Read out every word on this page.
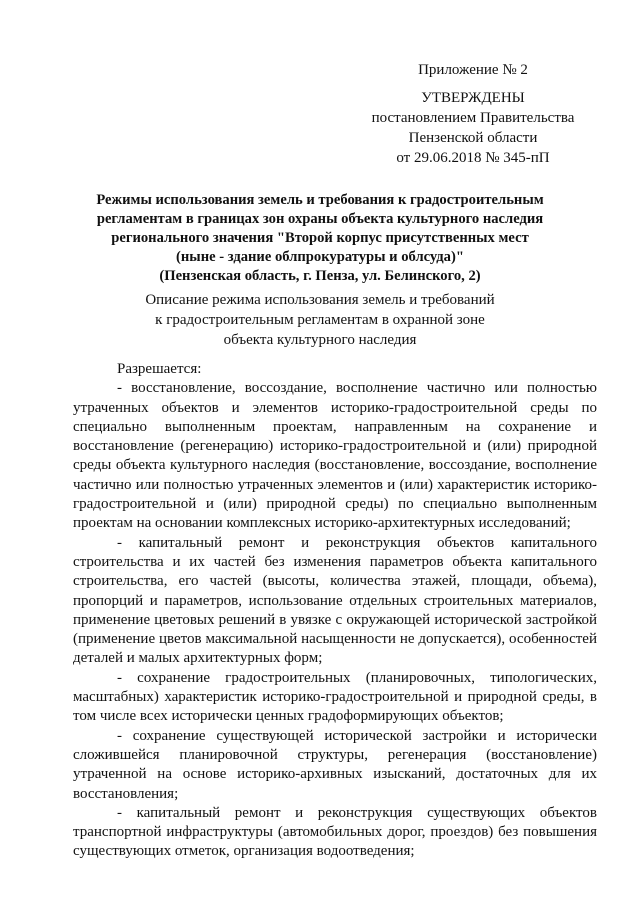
Приложение № 2
УТВЕРЖДЕНЫ
постановлением Правительства
Пензенской области
от 29.06.2018 № 345-пП
Режимы использования земель и требования к градостроительным
регламентам в границах зон охраны объекта культурного наследия
регионального значения "Второй корпус присутственных мест
(ныне - здание облпрокуратуры и облсуда)"
(Пензенская область, г. Пенза, ул. Белинского, 2)
Описание режима использования земель и требований
к градостроительным регламентам в охранной зоне
объекта культурного наследия

Разрешается:

- восстановление, воссоздание, восполнение частично или полностью утраченных объектов и элементов историко-градостроительной среды по специально выполненным проектам, направленным на сохранение и восстановление (регенерацию) историко-градостроительной и (или) природной среды объекта культурного наследия (восстановление, воссоздание, восполнение частично или полностью утраченных элементов и (или) характеристик историко-градостроительной и (или) природной среды) по специально выполненным проектам на основании комплексных историко-архитектурных исследований;

- капитальный ремонт и реконструкция объектов капитального строительства и их частей без изменения параметров объекта капитального строительства, его частей (высоты, количества этажей, площади, объема), пропорций и параметров, использование отдельных строительных материалов, применение цветовых решений в увязке с окружающей исторической застройкой (применение цветов максимальной насыщенности не допускается), особенностей деталей и малых архитектурных форм;

- сохранение градостроительных (планировочных, типологических, масштабных) характеристик историко-градостроительной и природной среды, в том числе всех исторически ценных градоформирующих объектов;

- сохранение существующей исторической застройки и исторически сложившейся планировочной структуры, регенерация (восстановление) утраченной на основе историко-архивных изысканий, достаточных для их восстановления;

- капитальный ремонт и реконструкция существующих объектов транспортной инфраструктуры (автомобильных дорог, проездов) без повышения существующих отметок, организация водоотведения;
